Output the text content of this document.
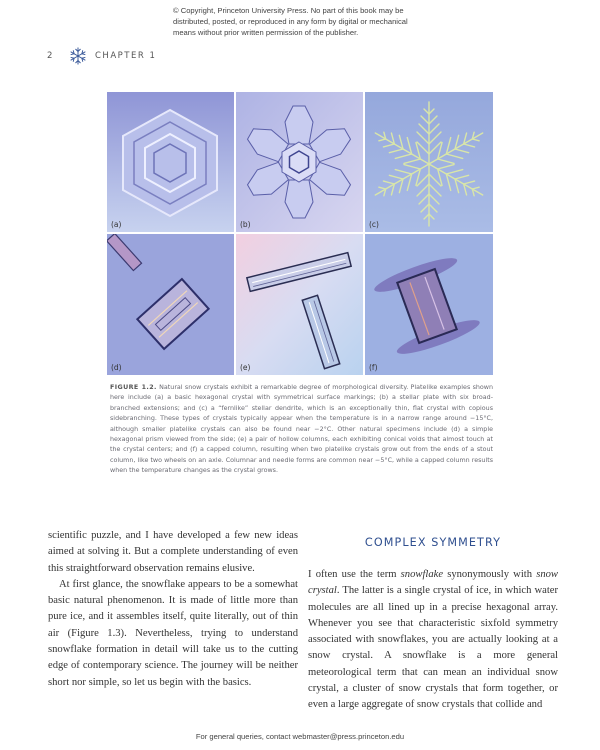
© Copyright, Princeton University Press. No part of this book may be
distributed, posted, or reproduced in any form by digital or mechanical
means without prior written permission of the publisher.
2	CHAPTER 1
(a)	(b)	(c)
(d)	(e)	(f)
FIGURE 1.2. Natural snow crystals exhibit a remarkable degree of morphological diversity. Platelike examples shown here include (a) a basic hexagonal crystal with symmetrical surface markings; (b) a stellar plate with six broad-branched extensions; and (c) a “fernlike” stellar dendrite, which is an exceptionally thin, flat crystal with copious sidebranching. These types of crystals typically appear when the temperature is in a narrow range around −15°C, although smaller platelike crystals can also be found near −2°C. Other natural specimens include (d) a simple hexagonal prism viewed from the side; (e) a pair of hollow columns, each exhibiting conical voids that almost touch at the crystal centers; and (f) a capped column, resulting when two platelike crystals grow out from the ends of a stout column, like two wheels on an axle. Columnar and needle forms are common near −5°C, while a capped column results when the temperature changes as the crystal grows.

scientific puzzle, and I have developed a few new ideas aimed at solving it. But a complete understanding of even this straightforward observation remains elusive.

At first glance, the snowflake appears to be a somewhat basic natural phenomenon. It is made of little more than pure ice, and it assembles itself, quite literally, out of thin air (Figure 1.3). Nevertheless, trying to understand snowflake formation in detail will take us to the cutting edge of contemporary science. The journey will be neither short nor simple, so let us begin with the basics.

COMPLEX SYMMETRY

I often use the term snowflake synonymously with snow crystal. The latter is a single crystal of ice, in which water molecules are all lined up in a precise hexagonal array. Whenever you see that characteristic sixfold symmetry associated with snowflakes, you are actually looking at a snow crystal. A snowflake is a more general meteorological term that can mean an individual snow crystal, a cluster of snow crystals that form together, or even a large aggregate of snow crystals that collide and

For general queries, contact webmaster@press.princeton.edu
